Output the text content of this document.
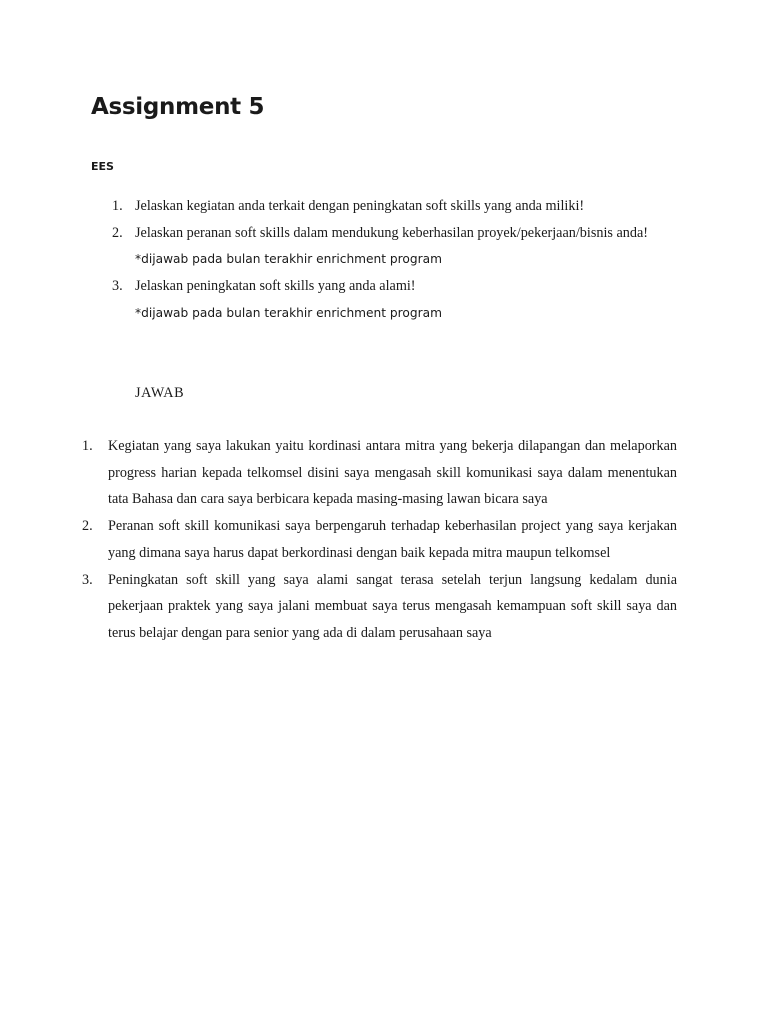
Assignment 5

EES

1. Jelaskan kegiatan anda terkait dengan peningkatan soft skills yang anda miliki!
2. Jelaskan peranan soft skills dalam mendukung keberhasilan proyek/pekerjaan/bisnis anda!
*dijawab pada bulan terakhir enrichment program
3. Jelaskan peningkatan soft skills yang anda alami!
*dijawab pada bulan terakhir enrichment program
JAWAB
1. Kegiatan yang saya lakukan yaitu kordinasi antara mitra yang bekerja dilapangan dan melaporkan progress harian kepada telkomsel disini saya mengasah skill komunikasi saya dalam menentukan tata Bahasa dan cara saya berbicara kepada masing-masing lawan bicara saya
2. Peranan soft skill komunikasi saya berpengaruh terhadap keberhasilan project yang saya kerjakan yang dimana saya harus dapat berkordinasi dengan baik kepada mitra maupun telkomsel
3. Peningkatan soft skill yang saya alami sangat terasa setelah terjun langsung kedalam dunia pekerjaan praktek yang saya jalani membuat saya terus mengasah kemampuan soft skill saya dan terus belajar dengan para senior yang ada di dalam perusahaan saya
